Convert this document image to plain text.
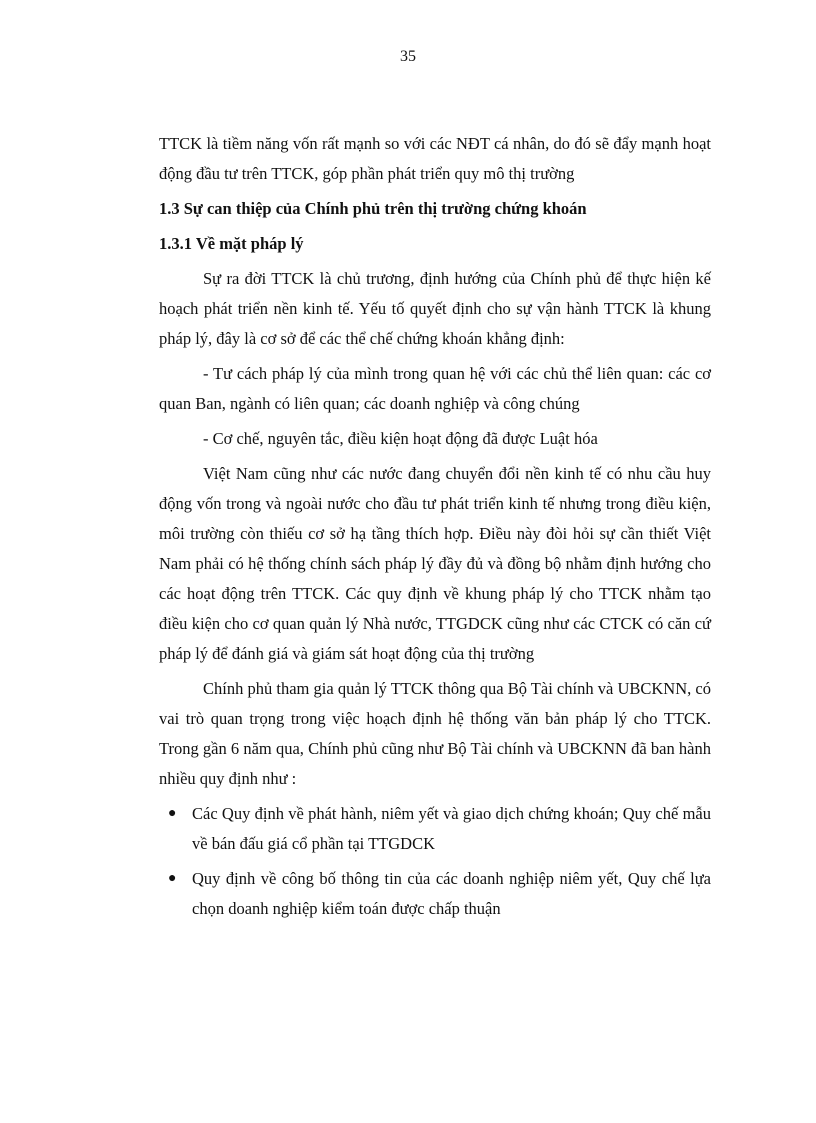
35

TTCK là tiềm năng vốn rất mạnh so với các NĐT cá nhân, do đó sẽ đẩy mạnh hoạt động đầu tư trên TTCK, góp phần phát triển quy mô thị trường

1.3 Sự can thiệp của Chính phủ trên thị trường chứng khoán

1.3.1 Về mặt pháp lý

Sự ra đời TTCK là chủ trương, định hướng của Chính phủ để thực hiện kế hoạch phát triển nền kinh tế. Yếu tố quyết định cho sự vận hành TTCK là khung pháp lý, đây là cơ sở để các thể chế chứng khoán khẳng định:

- Tư cách pháp lý của mình trong quan hệ với các chủ thể liên quan: các cơ quan Ban, ngành có liên quan; các doanh nghiệp và công chúng

- Cơ chế, nguyên tắc, điều kiện hoạt động đã được Luật hóa

Việt Nam cũng như các nước đang chuyển đổi nền kinh tế có nhu cầu huy động vốn trong và ngoài nước cho đầu tư phát triển kinh tế nhưng trong điều kiện, môi trường còn thiếu cơ sở hạ tầng thích hợp. Điều này đòi hỏi sự cần thiết Việt Nam phải có hệ thống chính sách pháp lý đầy đủ và đồng bộ nhằm định hướng cho các hoạt động trên TTCK. Các quy định về khung pháp lý cho TTCK nhằm tạo điều kiện cho cơ quan quản lý Nhà nước, TTGDCK cũng như các CTCK có căn cứ pháp lý để đánh giá và giám sát hoạt động của thị trường

Chính phủ tham gia quản lý TTCK thông qua Bộ Tài chính và UBCKNN, có vai trò quan trọng trong việc hoạch định hệ thống văn bản pháp lý cho TTCK. Trong gần 6 năm qua, Chính phủ cũng như Bộ Tài chính và UBCKNN đã ban hành nhiều quy định như :

● Các Quy định về phát hành, niêm yết và giao dịch chứng khoán; Quy chế mẫu về bán đấu giá cổ phần tại TTGDCK
● Quy định về công bố thông tin của các doanh nghiệp niêm yết, Quy chế lựa chọn doanh nghiệp kiểm toán được chấp thuận
